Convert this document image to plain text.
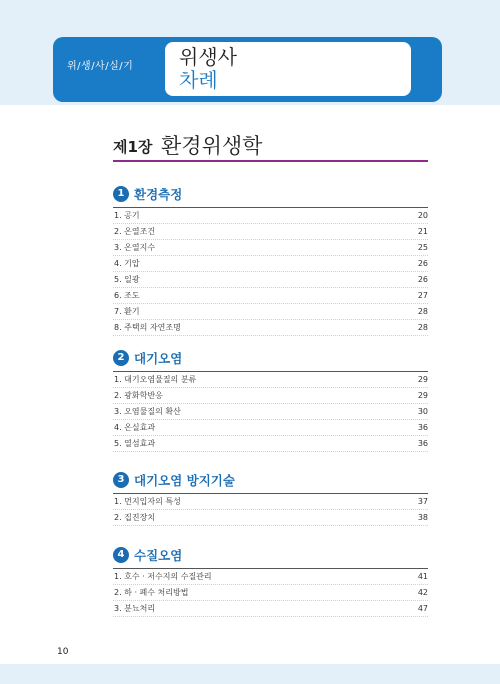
위/생/사/실/기 위생사
차례
제1장 환경위생학
1 환경측정
1. 공기	20
2. 온열조건	21
3. 온열지수	25
4. 기압	26
5. 일광	26
6. 조도	27
7. 환기	28
8. 주택의 자연조명	28
2 대기오염
1. 대기오염물질의 분류	29
2. 광화학반응	29
3. 오염물질의 확산	30
4. 온실효과	36
5. 열섬효과	36
3 대기오염 방지기술
1. 먼지입자의 특성	37
2. 집진장치	38
4 수질오염
1. 호수 · 저수지의 수질관리	41
2. 하 · 폐수 처리방법	42
3. 분뇨처리	47
10
